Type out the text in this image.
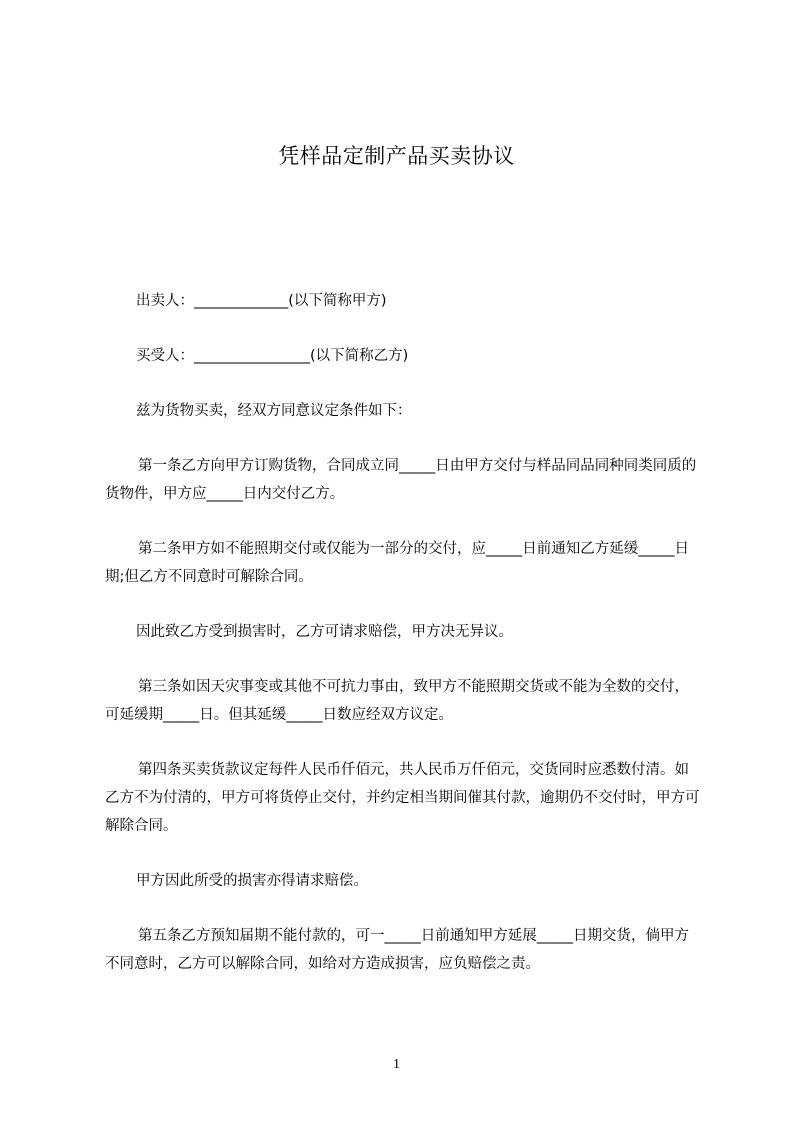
凭样品定制产品买卖协议

出卖人：_____________(以下简称甲方)

买受人：________________(以下简称乙方)

兹为货物买卖，经双方同意议定条件如下：

第一条乙方向甲方订购货物，合同成立同_____日由甲方交付与样品同品同种同类同质的货物件，甲方应_____日内交付乙方。

第二条甲方如不能照期交付或仅能为一部分的交付，应_____日前通知乙方延缓_____日期;但乙方不同意时可解除合同。

因此致乙方受到损害时，乙方可请求赔偿，甲方决无异议。

第三条如因天灾事变或其他不可抗力事由，致甲方不能照期交货或不能为全数的交付，可延缓期_____日。但其延缓_____日数应经双方议定。

第四条买卖货款议定每件人民币仟佰元，共人民币万仟佰元，交货同时应悉数付清。如乙方不为付清的，甲方可将货停止交付，并约定相当期间催其付款，逾期仍不交付时，甲方可解除合同。

甲方因此所受的损害亦得请求赔偿。

第五条乙方预知届期不能付款的，可一_____日前通知甲方延展_____日期交货，倘甲方不同意时，乙方可以解除合同，如给对方造成损害，应负赔偿之责。

1
